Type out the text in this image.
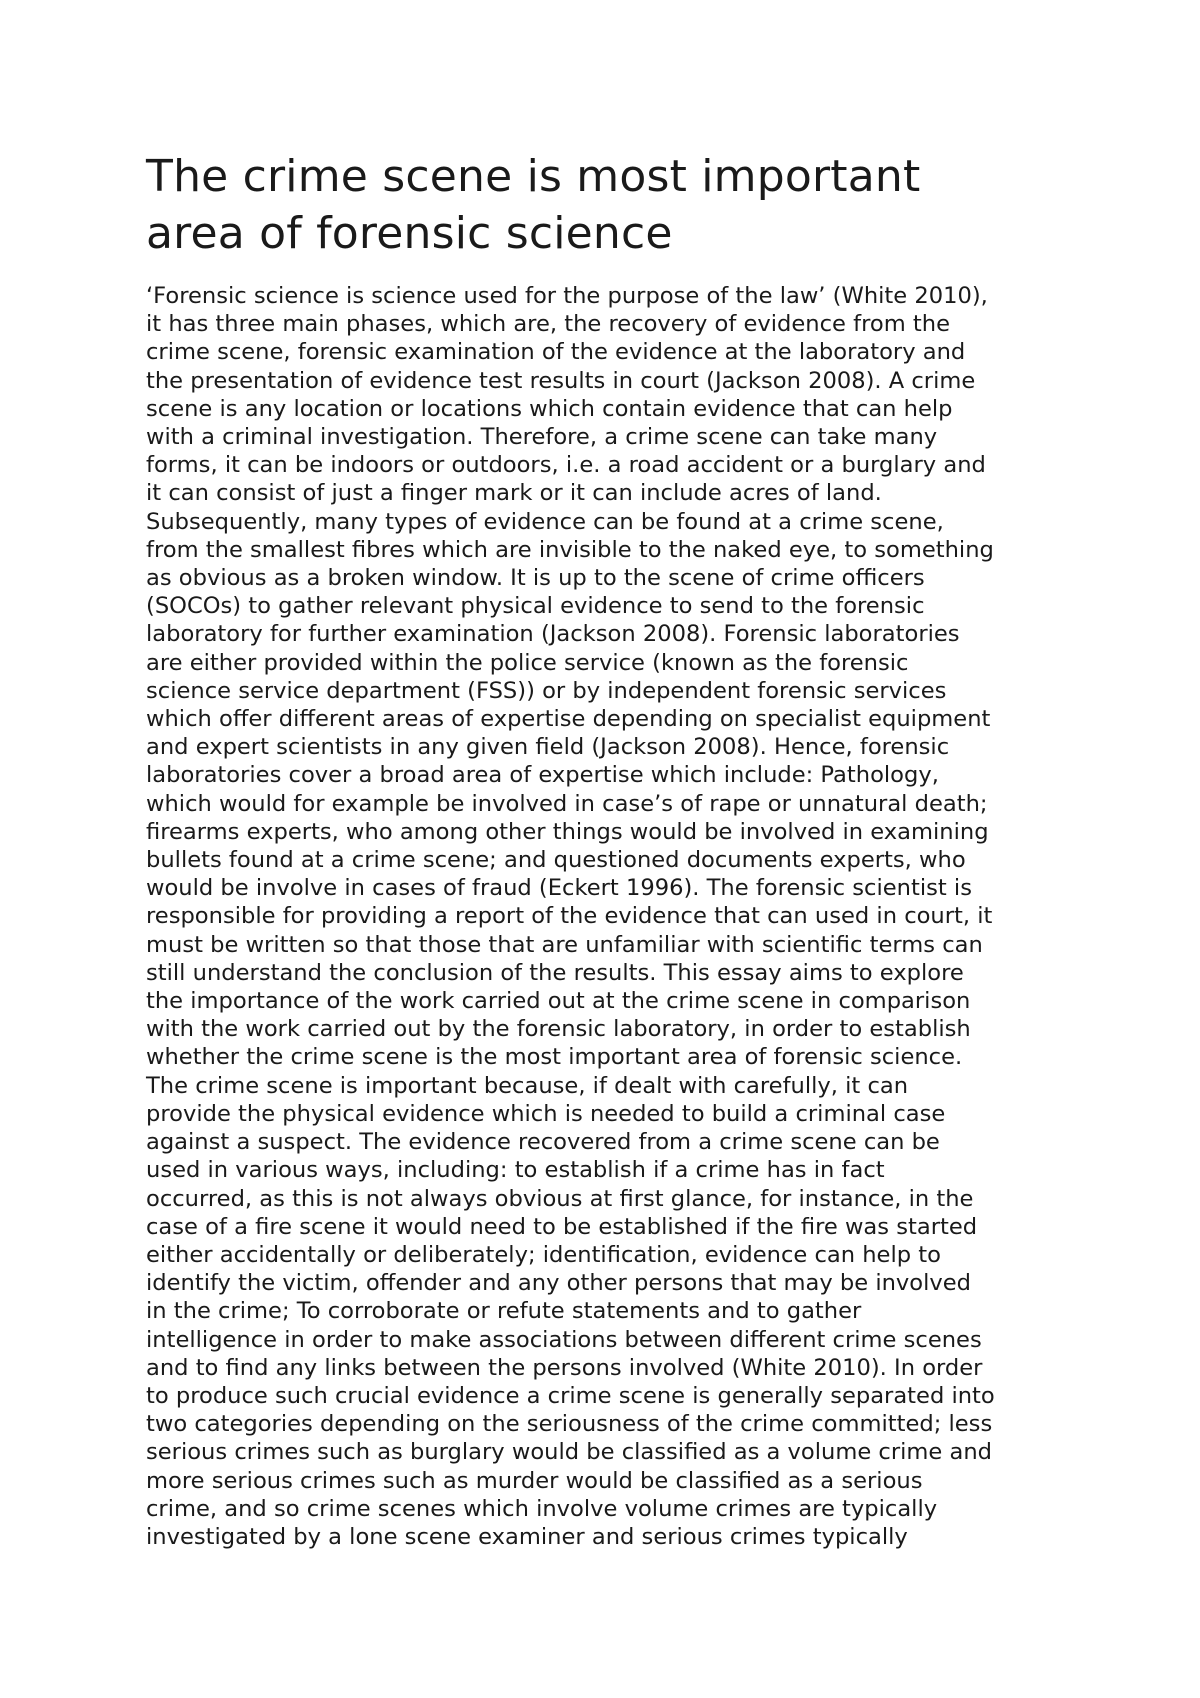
The crime scene is most important
area of forensic science

‘Forensic science is science used for the purpose of the law’ (White 2010),
it has three main phases, which are, the recovery of evidence from the
crime scene, forensic examination of the evidence at the laboratory and
the presentation of evidence test results in court (Jackson 2008). A crime
scene is any location or locations which contain evidence that can help
with a criminal investigation. Therefore, a crime scene can take many
forms, it can be indoors or outdoors, i.e. a road accident or a burglary and
it can consist of just a finger mark or it can include acres of land.
Subsequently, many types of evidence can be found at a crime scene,
from the smallest fibres which are invisible to the naked eye, to something
as obvious as a broken window. It is up to the scene of crime officers
(SOCOs) to gather relevant physical evidence to send to the forensic
laboratory for further examination (Jackson 2008). Forensic laboratories
are either provided within the police service (known as the forensic
science service department (FSS)) or by independent forensic services
which offer different areas of expertise depending on specialist equipment
and expert scientists in any given field (Jackson 2008). Hence, forensic
laboratories cover a broad area of expertise which include: Pathology,
which would for example be involved in case’s of rape or unnatural death;
firearms experts, who among other things would be involved in examining
bullets found at a crime scene; and questioned documents experts, who
would be involve in cases of fraud (Eckert 1996). The forensic scientist is
responsible for providing a report of the evidence that can used in court, it
must be written so that those that are unfamiliar with scientific terms can
still understand the conclusion of the results. This essay aims to explore
the importance of the work carried out at the crime scene in comparison
with the work carried out by the forensic laboratory, in order to establish
whether the crime scene is the most important area of forensic science.
The crime scene is important because, if dealt with carefully, it can
provide the physical evidence which is needed to build a criminal case
against a suspect. The evidence recovered from a crime scene can be
used in various ways, including: to establish if a crime has in fact
occurred, as this is not always obvious at first glance, for instance, in the
case of a fire scene it would need to be established if the fire was started
either accidentally or deliberately; identification, evidence can help to
identify the victim, offender and any other persons that may be involved
in the crime; To corroborate or refute statements and to gather
intelligence in order to make associations between different crime scenes
and to find any links between the persons involved (White 2010). In order
to produce such crucial evidence a crime scene is generally separated into
two categories depending on the seriousness of the crime committed; less
serious crimes such as burglary would be classified as a volume crime and
more serious crimes such as murder would be classified as a serious
crime, and so crime scenes which involve volume crimes are typically
investigated by a lone scene examiner and serious crimes typically
